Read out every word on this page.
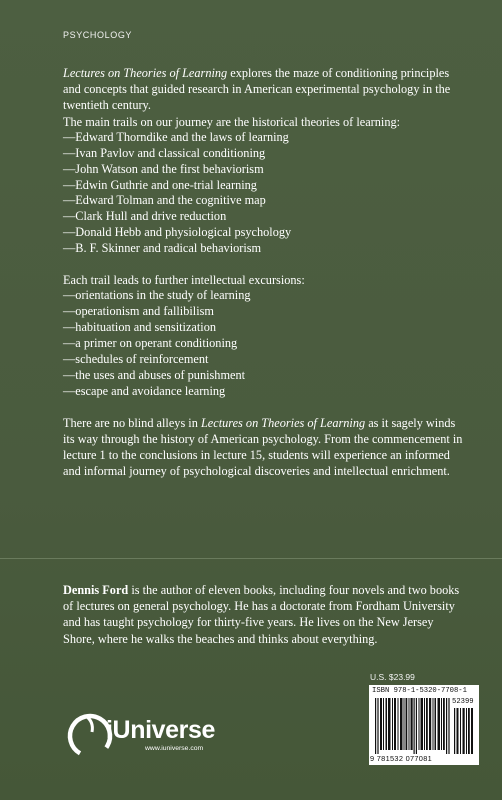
PSYCHOLOGY

Lectures on Theories of Learning explores the maze of conditioning principles and concepts that guided research in American experimental psychology in the twentieth century.

The main trails on our journey are the historical theories of learning:

—Edward Thorndike and the laws of learning
—Ivan Pavlov and classical conditioning
—John Watson and the first behaviorism
—Edwin Guthrie and one-trial learning
—Edward Tolman and the cognitive map
—Clark Hull and drive reduction
—Donald Hebb and physiological psychology
—B. F. Skinner and radical behaviorism

Each trail leads to further intellectual excursions:

—orientations in the study of learning
—operationism and fallibilism
—habituation and sensitization
—a primer on operant conditioning
—schedules of reinforcement
—the uses and abuses of punishment
—escape and avoidance learning

There are no blind alleys in Lectures on Theories of Learning as it sagely winds its way through the history of American psychology. From the commencement in lecture 1 to the conclusions in lecture 15, students will experience an informed and informal journey of psychological discoveries and intellectual enrichment.

Dennis Ford is the author of eleven books, including four novels and two books of lectures on general psychology. He has a doctorate from Fordham University and has taught psychology for thirty-five years. He lives on the New Jersey Shore, where he walks the beaches and thinks about everything.

U.S. $23.99
ISBN 978-1-5320-7708-1
52399
9 781532 077081
iUniverse
www.iuniverse.com
